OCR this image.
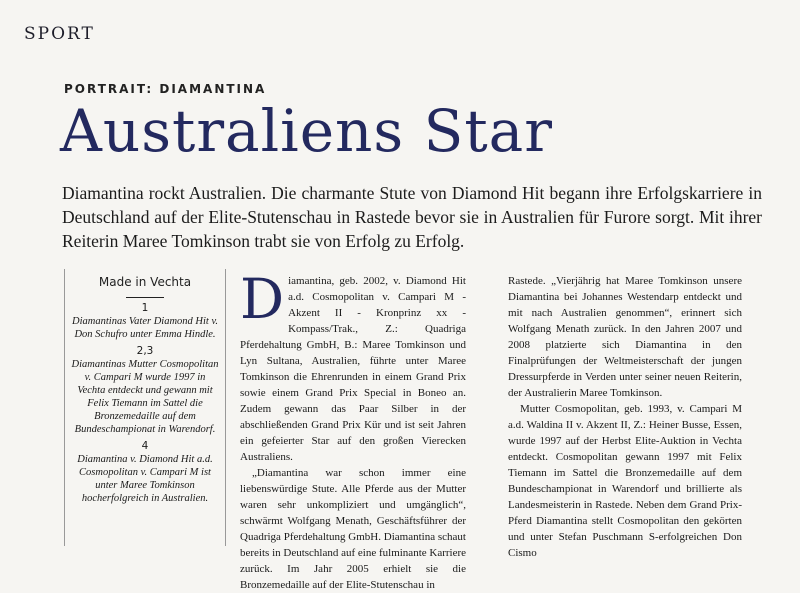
SPORT
PORTRAIT: DIAMANTINA
Australiens Star
Diamantina rockt Australien. Die charmante Stute von Diamond Hit begann ihre Erfolgskarriere in Deutschland auf der Elite-Stutenschau in Rastede bevor sie in Australien für Furore sorgt. Mit ihrer Reiterin Maree Tomkinson trabt sie von Erfolg zu Erfolg.
Made in Vechta
1
Diamantinas Vater Diamond Hit v. Don Schufro unter Emma Hindle.
2,3
Diamantinas Mutter Cosmopolitan v. Campari M wurde 1997 in Vechta entdeckt und gewann mit Felix Tiemann im Sattel die Bronzemedaille auf dem Bundeschampionat in Warendorf.
4
Diamantina v. Diamond Hit a.d. Cosmopolitan v. Campari M ist unter Maree Tomkinson hocherfolgreich in Australien.
D iamantina, geb. 2002, v. Diamond Hit a.d. Cosmopolitan v. Campari M - Akzent II - Kronprinz xx - Kompass/Trak., Z.: Quadriga Pferdehaltung GmbH, B.: Maree Tomkinson und Lyn Sultana, Australien, führte unter Maree Tomkinson die Ehrenrunden in einem Grand Prix sowie einem Grand Prix Special in Boneo an. Zudem gewann das Paar Silber in der abschließenden Grand Prix Kür und ist seit Jahren ein gefeierter Star auf den großen Vierecken Australiens.

„Diamantina war schon immer eine liebenswürdige Stute. Alle Pferde aus der Mutter waren sehr unkompliziert und umgänglich“, schwärmt Wolfgang Menath, Geschäftsführer der Quadriga Pferdehaltung GmbH. Diamantina schaut bereits in Deutschland auf eine fulminante Karriere zurück. Im Jahr 2005 erhielt sie die Bronzemedaille auf der Elite-Stutenschau in

Rastede. „Vierjährig hat Maree Tomkinson unsere Diamantina bei Johannes Westendarp entdeckt und mit nach Australien genommen“, erinnert sich Wolfgang Menath zurück. In den Jahren 2007 und 2008 platzierte sich Diamantina in den Finalprüfungen der Weltmeisterschaft der jungen Dressurpferde in Verden unter seiner neuen Reiterin, der Australierin Maree Tomkinson.

Mutter Cosmopolitan, geb. 1993, v. Campari M a.d. Waldina II v. Akzent II, Z.: Heiner Busse, Essen, wurde 1997 auf der Herbst Elite-Auktion in Vechta entdeckt. Cosmopolitan gewann 1997 mit Felix Tiemann im Sattel die Bronzemedaille auf dem Bundeschampionat in Warendorf und brillierte als Landesmeisterin in Rastede. Neben dem Grand Prix-Pferd Diamantina stellt Cosmopolitan den gekörten und unter Stefan Puschmann S-erfolgreichen Don Cismo
